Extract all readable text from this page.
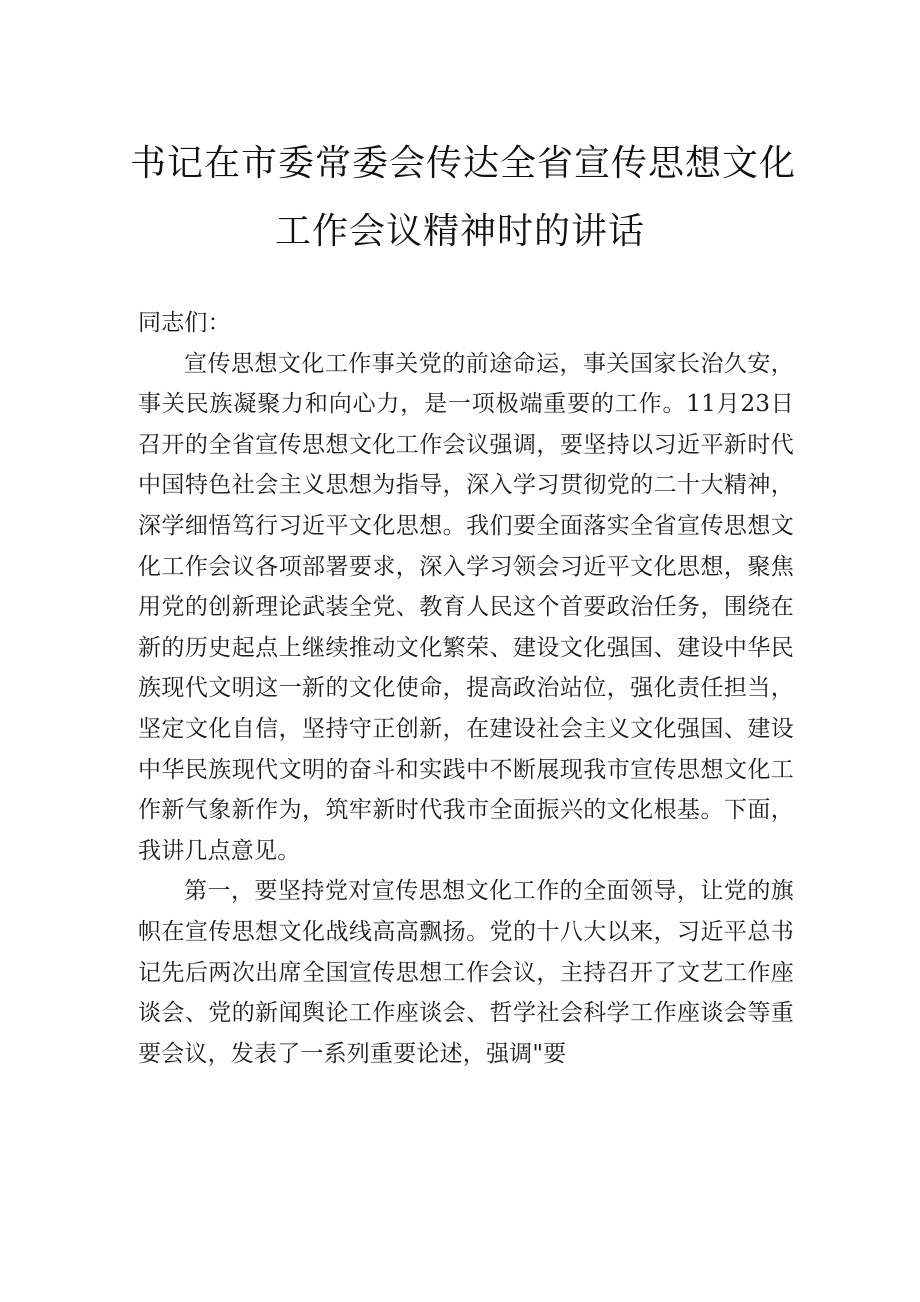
书记在市委常委会传达全省宣传思想文化
工作会议精神时的讲话
同志们：
宣传思想文化工作事关党的前途命运，事关国家长治久安，
事关民族凝聚力和向心力，是一项极端重要的工作。11月23日
召开的全省宣传思想文化工作会议强调，要坚持以习近平新时代
中国特色社会主义思想为指导，深入学习贯彻党的二十大精神，
深学细悟笃行习近平文化思想。我们要全面落实全省宣传思想文
化工作会议各项部署要求，深入学习领会习近平文化思想，聚焦
用党的创新理论武装全党、教育人民这个首要政治任务，围绕在
新的历史起点上继续推动文化繁荣、建设文化强国、建设中华民
族现代文明这一新的文化使命，提高政治站位，强化责任担当，
坚定文化自信，坚持守正创新，在建设社会主义文化强国、建设
中华民族现代文明的奋斗和实践中不断展现我市宣传思想文化工
作新气象新作为，筑牢新时代我市全面振兴的文化根基。下面，
我讲几点意见。
第一，要坚持党对宣传思想文化工作的全面领导，让党的旗
帜在宣传思想文化战线高高飘扬。党的十八大以来，习近平总书
记先后两次出席全国宣传思想工作会议，主持召开了文艺工作座
谈会、党的新闻舆论工作座谈会、哲学社会科学工作座谈会等重
要会议，发表了一系列重要论述，强调"要
